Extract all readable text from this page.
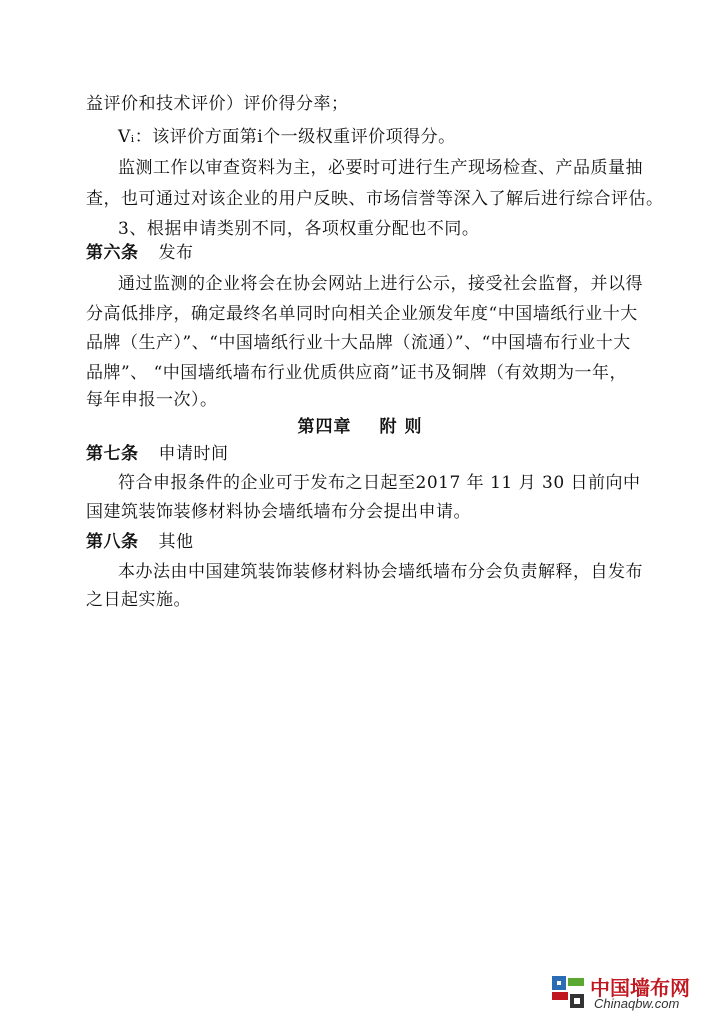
益评价和技术评价）评价得分率；
Vᵢ：该评价方面第i个一级权重评价项得分。
监测工作以审查资料为主，必要时可进行生产现场检查、产品质量抽
查，也可通过对该企业的用户反映、市场信誉等深入了解后进行综合评估。
3、根据申请类别不同，各项权重分配也不同。
第六条 发布
通过监测的企业将会在协会网站上进行公示，接受社会监督，并以得
分高低排序，确定最终名单同时向相关企业颁发年度“中国墙纸行业十大
品牌（生产）”、“中国墙纸行业十大品牌（流通）”、“中国墙布行业十大
品牌”、 “中国墙纸墙布行业优质供应商”证书及铜牌（有效期为一年，
每年申报一次）。
第四章 附 则
第七条 申请时间
符合申报条件的企业可于发布之日起至2017 年 11 月 30 日前向中
国建筑装饰装修材料协会墙纸墙布分会提出申请。
第八条 其他
本办法由中国建筑装饰装修材料协会墙纸墙布分会负责解释，自发布
之日起实施。
中国墙布网
Chinaqbw.com
